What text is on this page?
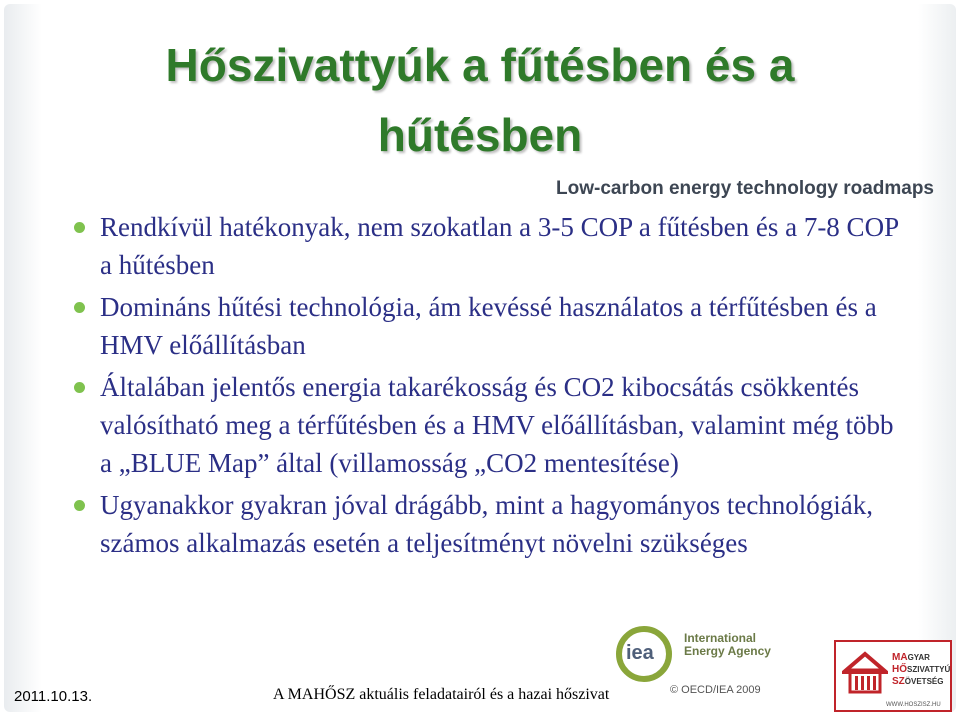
Hőszivattyúk a fűtésben és a
hűtésben
Low-carbon energy technology roadmaps
Rendkívül hatékonyak, nem szokatlan a 3-5 COP a fűtésben és a 7-8 COP a hűtésben
Domináns hűtési technológia, ám kevéssé használatos a térfűtésben és a HMV előállításban
Általában jelentős energia takarékosság és CO2 kibocsátás csökkentés valósítható meg a térfűtésben és a HMV előállításban, valamint még több a „BLUE Map” által (villamosság „CO2 mentesítése)
Ugyanakkor gyakran jóval drágább, mint a hagyományos technológiák, számos alkalmazás esetén a teljesítményt növelni szükséges
iea
International
Energy Agency
© OECD/IEA 2009
MAGYAR
HŐSZIVATTYÚ
SZÖVETSÉG
WWW.HOSZISZ.HU
2011.10.13.	A MAHŐSZ aktuális feladatairól és a hazai hőszivat
